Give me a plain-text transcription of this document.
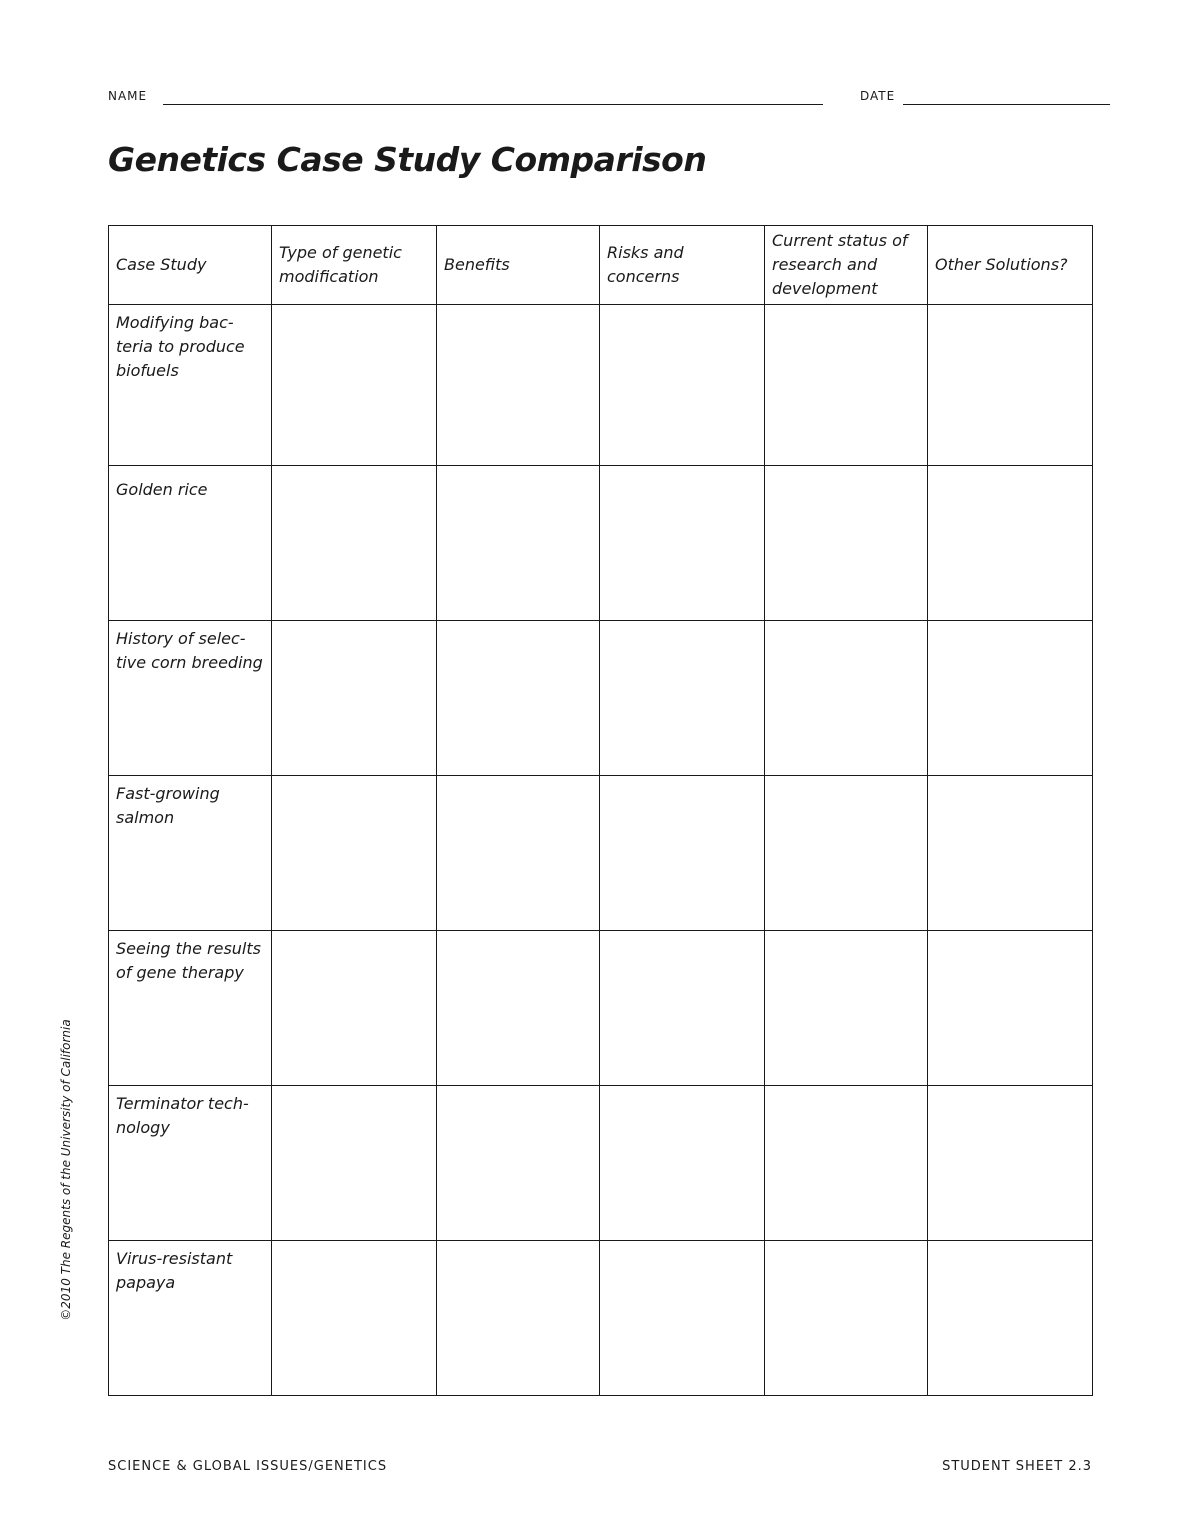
NAME	DATE
Genetics Case Study Comparison
Case Study	Type of genetic modification	Benefits	Risks and concerns	Current status of research and development	Other Solutions?
Modifying bac-teria to produce biofuels					
Golden rice					
History of selec-tive corn breeding					
Fast-growing salmon					
Seeing the results of gene therapy					
Terminator tech-nology					
Virus-resistant papaya					
©2010 The Regents of the University of California
SCIENCE & GLOBAL ISSUES/GENETICS	STUDENT SHEET 2.3
